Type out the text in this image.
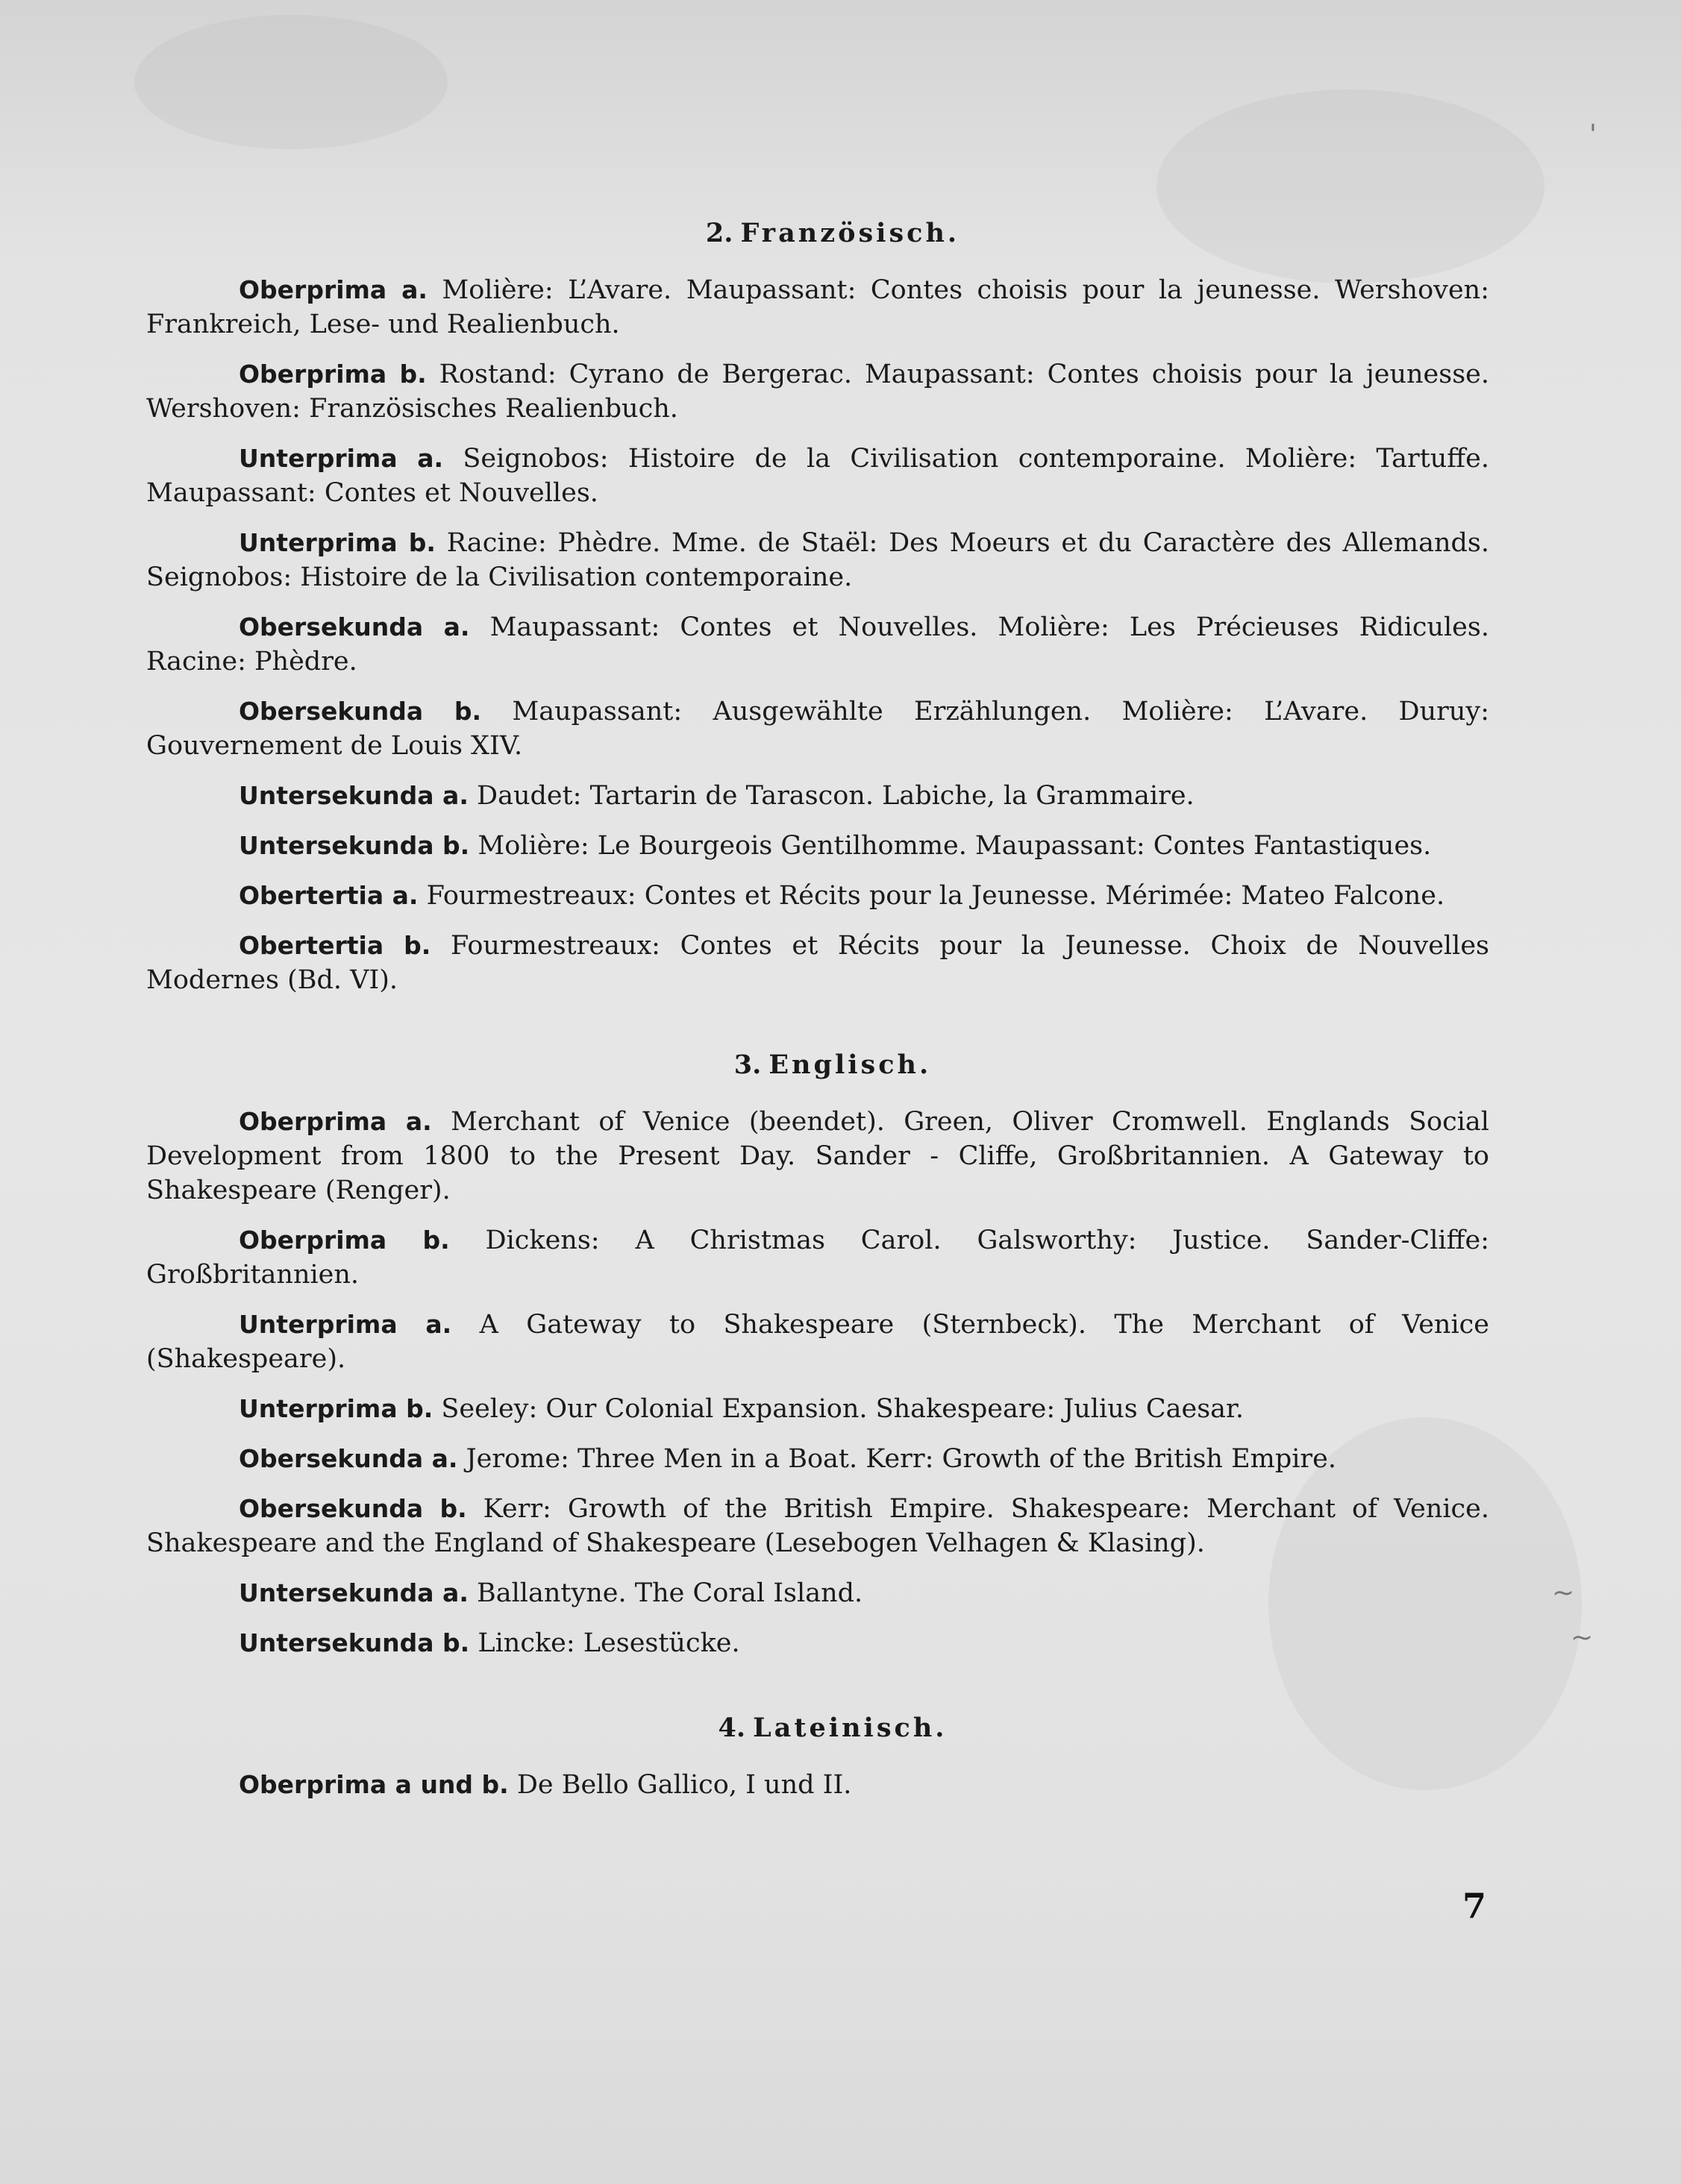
'
~
~
2. Französisch.

Oberprima a. Molière: L’Avare. Maupassant: Contes choisis pour la jeunesse. Wershoven: Frankreich, Lese- und Realienbuch.

Oberprima b. Rostand: Cyrano de Bergerac. Maupassant: Contes choisis pour la jeunesse. Wershoven: Französisches Realienbuch.

Unterprima a. Seignobos: Histoire de la Civilisation contemporaine. Molière: Tartuffe. Maupassant: Contes et Nouvelles.

Unterprima b. Racine: Phèdre. Mme. de Staël: Des Moeurs et du Caractère des Allemands. Seignobos: Histoire de la Civilisation contemporaine.

Obersekunda a. Maupassant: Contes et Nouvelles. Molière: Les Précieuses Ridicules. Racine: Phèdre.

Obersekunda b. Maupassant: Ausgewählte Erzählungen. Molière: L’Avare. Duruy: Gouvernement de Louis XIV.

Untersekunda a. Daudet: Tartarin de Tarascon. Labiche, la Grammaire.

Untersekunda b. Molière: Le Bourgeois Gentilhomme. Maupassant: Contes Fantastiques.

Obertertia a. Fourmestreaux: Contes et Récits pour la Jeunesse. Mérimée: Mateo Falcone.

Obertertia b. Fourmestreaux: Contes et Récits pour la Jeunesse. Choix de Nouvelles Modernes (Bd. VI).

3. Englisch.

Oberprima a. Merchant of Venice (beendet). Green, Oliver Cromwell. Englands Social Development from 1800 to the Present Day. Sander - Cliffe, Großbritannien. A Gateway to Shakespeare (Renger).

Oberprima b. Dickens: A Christmas Carol. Galsworthy: Justice. Sander-Cliffe: Großbritannien.

Unterprima a. A Gateway to Shakespeare (Sternbeck). The Merchant of Venice (Shakespeare).

Unterprima b. Seeley: Our Colonial Expansion. Shakespeare: Julius Caesar.

Obersekunda a. Jerome: Three Men in a Boat. Kerr: Growth of the British Empire.

Obersekunda b. Kerr: Growth of the British Empire. Shakespeare: Merchant of Venice. Shakespeare and the England of Shakespeare (Lesebogen Velhagen & Klasing).

Untersekunda a. Ballantyne. The Coral Island.

Untersekunda b. Lincke: Lesestücke.

4. Lateinisch.

Oberprima a und b. De Bello Gallico, I und II.

7
